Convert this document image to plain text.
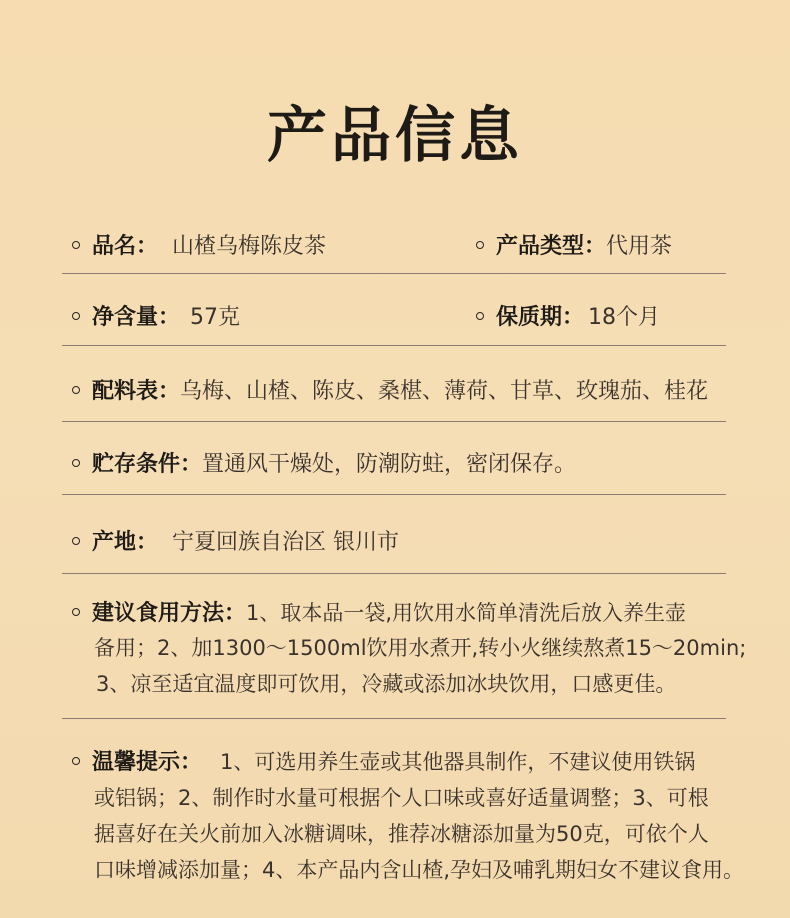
产品信息
品名： 山楂乌梅陈皮茶	产品类型：代用茶
净含量： 57克	保质期： 18个月
配料表：乌梅、山楂、陈皮、桑椹、薄荷、甘草、玫瑰茄、桂花
贮存条件：置通风干燥处，防潮防蛀，密闭保存。
产地： 宁夏回族自治区 银川市
建议食用方法：1、取本品一袋,用饮用水简单清洗后放入养生壶
备用；2、加1300～1500ml饮用水煮开,转小火继续熬煮15～20min;
3、凉至适宜温度即可饮用，冷藏或添加冰块饮用，口感更佳。
温馨提示： 1、可选用养生壶或其他器具制作，不建议使用铁锅
或铝锅；2、制作时水量可根据个人口味或喜好适量调整；3、可根
据喜好在关火前加入冰糖调味，推荐冰糖添加量为50克，可依个人
口味增减添加量；4、本产品内含山楂,孕妇及哺乳期妇女不建议食用。
